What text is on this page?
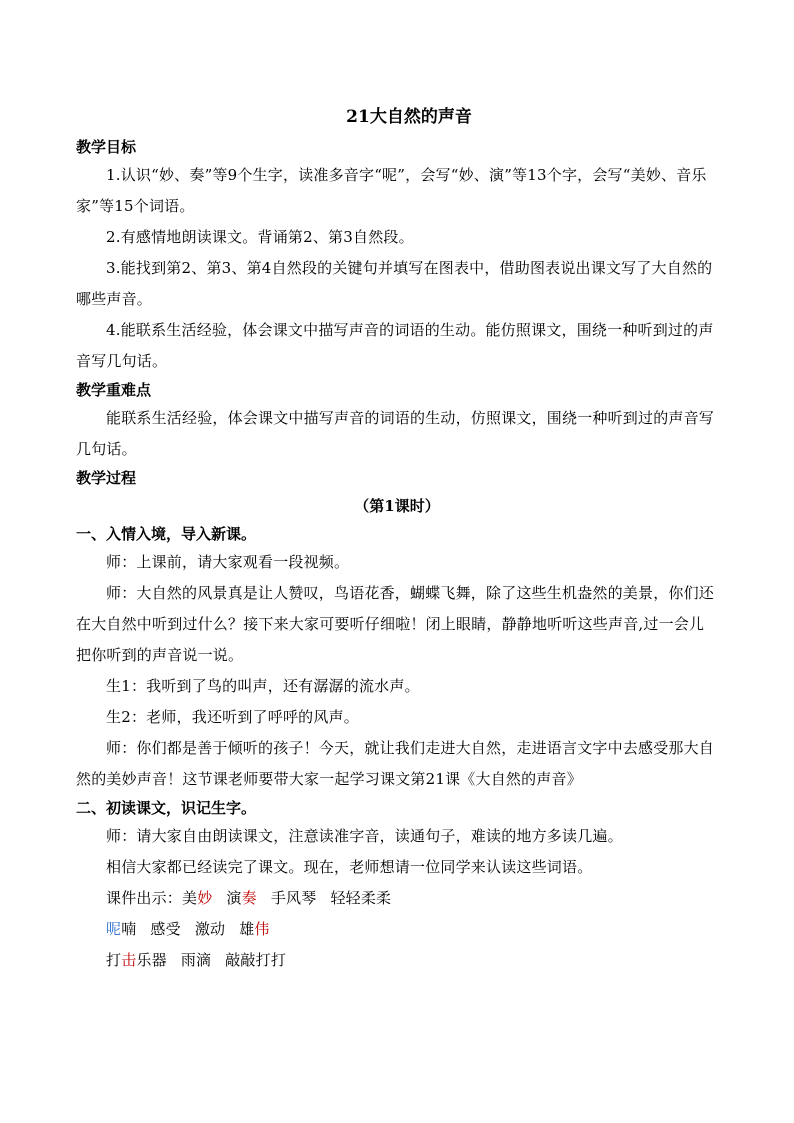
21大自然的声音
教学目标

1.认识“妙、奏”等9个生字，读准多音字“呢”，会写“妙、演”等13个字，会写“美妙、音乐家”等15个词语。

2.有感情地朗读课文。背诵第2、第3自然段。

3.能找到第2、第3、第4自然段的关键句并填写在图表中，借助图表说出课文写了大自然的哪些声音。

4.能联系生活经验，体会课文中描写声音的词语的生动。能仿照课文，围绕一种听到过的声音写几句话。

教学重难点

能联系生活经验，体会课文中描写声音的词语的生动，仿照课文，围绕一种听到过的声音写几句话。

教学过程

（第1课时）

一、入情入境，导入新课。

师：上课前，请大家观看一段视频。

师：大自然的风景真是让人赞叹，鸟语花香，蝴蝶飞舞，除了这些生机盎然的美景，你们还在大自然中听到过什么？接下来大家可要听仔细啦！闭上眼睛，静静地听听这些声音,过一会儿把你听到的声音说一说。

生1：我听到了鸟的叫声，还有潺潺的流水声。

生2：老师，我还听到了呼呼的风声。

师：你们都是善于倾听的孩子！今天，就让我们走进大自然，走进语言文字中去感受那大自然的美妙声音！这节课老师要带大家一起学习课文第21课《大自然的声音》

二、初读课文，识记生字。

师：请大家自由朗读课文，注意读准字音，读通句子，难读的地方多读几遍。

相信大家都已经读完了课文。现在，老师想请一位同学来认读这些词语。

课件出示：美妙 演奏 手风琴 轻轻柔柔

呢喃 感受 激动 雄伟

打击乐器 雨滴 敲敲打打
